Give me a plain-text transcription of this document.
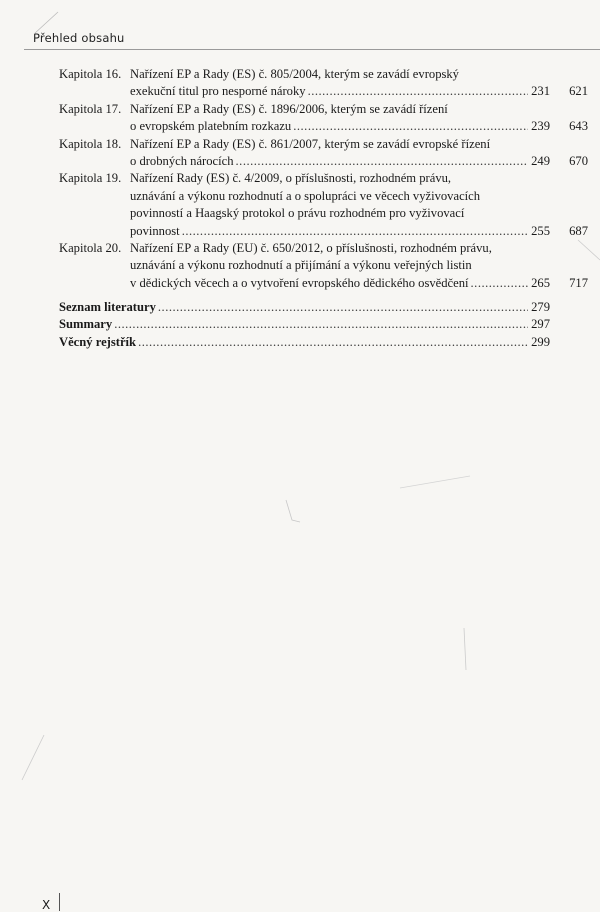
Přehled obsahu
Kapitola 16. Nařízení EP a Rady (ES) č. 805/2004, kterým se zavádí evropský
exekuční titul pro nesporné nároky .....	231 621
Kapitola 17. Nařízení EP a Rady (ES) č. 1896/2006, kterým se zavádí řízení
o evropském platebním rozkazu .....	239 643
Kapitola 18. Nařízení EP a Rady (ES) č. 861/2007, kterým se zavádí evropské řízení
o drobných nárocích .....	249 670
Kapitola 19. Nařízení Rady (ES) č. 4/2009, o příslušnosti, rozhodném právu,
uznávání a výkonu rozhodnutí a o spolupráci ve věcech vyživovacích
povinností a Haagský protokol o právu rozhodném pro vyživovací
povinnost .....	255 687
Kapitola 20. Nařízení EP a Rady (EU) č. 650/2012, o příslušnosti, rozhodném právu,
uznávání a výkonu rozhodnutí a přijímání a výkonu veřejných listin
v dědických věcech a o vytvoření evropského dědického osvědčení .....	265 717
Seznam literatury .....	279
Summary .....	297
Věcný rejstřík .....	299
X
